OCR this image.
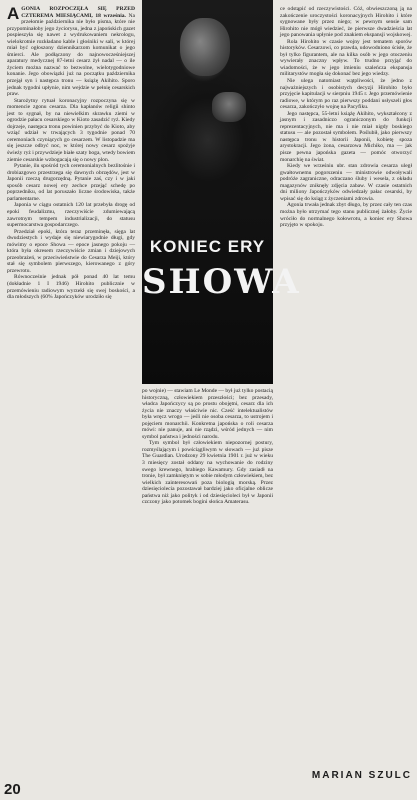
AGONIA ROZPOCZĘŁA SIĘ PRZED CZTEREMA MIESIĄCAMI, 18 września. Na przełomie października nie było pisma, które nie przypominałoby jego życiorysu, jedna z japońskich gazet pospieszyła się nawet z wydrukowaniem nekrologu, wielokrotnie rozkładano kable i głośniki w sali, w której miał być ogłoszony dziennikarzom komunikat o jego śmierci. Ale podłączony do najnowocześniejszej aparatury medycznej 87-letni cesarz żył nadal — o ile życiem można nazwać to bezwolne, wielotygodniowe konanie. Jego obowiązki już na początku października przejął syn i następca tronu — książę Akihito. Sporo jednak tygodni upłynie, nim wejdzie w pełnię cesarskich praw.

Starożytny rytuał koronacyjny rozpoczyna się w momencie zgonu cesarza. Dla kapłanów religii shinto jest to sygnał, by na niewielkim skrawku ziemi w ogrodzie pałacu cesarskiego w Kioto zasadzić ryż. Kiedy dojrzeje, następca tronu powinien przybyć do Kioto, aby wziąć udział w trwających 3 tygodnie ponad 70 ceremoniach czyniących go cesarzem. W listopadzie ma się jeszcze odbyć noc, w której nowy cesarz spożyje świeży ryż i przywdzieje białe szaty boga, wtedy bowiem ziemie cesarskie wzbogacają się o nowy plon.

Pytanie, ilu spośród tych ceremonialnych bezlitośnie i drobiazgowo przestrzega się dawnych obrzędów, jest w Japonii rzeczą drugorzędną. Pytanie zaś, czy i w jaki sposób cesarz nowej ery zechce przejąć schedę po poprzedniku, od lat poruszało liczne środowiska, także parlamentarne.

Japonia w ciągu ostatnich 120 lat przebyła drogę od epoki feudalizmu, rzeczywiście zdumiewającą zawrotnym tempem industrializacji, do statusu supermocarstwa gospodarczego.

Przedział epoki, która teraz przeminęła, sięga lat dwudziestych i wydaje się niewiarygodnie długi, gdy mówimy o epoce Showa — epoce jasnego pokoju — która była okresem rzeczywiście zmian i dziejowych przeobrażeń, w przeciwieństwie do Cesarza Meiji, który stał się symbolem pierwszego, kierowanego z góry przewrotu.

Równocześnie jednak pół ponad 40 lat temu (dokładnie 1 I 1946) Hirohito publicznie w przemówieniu radiowym wyrzekł się swej boskości, a dla młodszych (60% Japończyków urodziło się

KONIEC ERY
SHOWA

po wojnie) — stawiam Le Monde — był już tylko postacią historyczną, człowiekiem przeszłości; bez przesady, władca Japończycy są po prostu obojętni, cesarz dla ich życia nie znaczy właściwie nic. Cześć intelektualistów była wręcz wrogo — jeśli nie osoba cesarza, to ustrojem i pojęciem monarchii. Konkretna japońska o roli cesarza mówi: nie panuje, ani nie rządzi, wśród jednych — nim symbol państwa i jedności narodu.

Tym symbol był człowiekiem niepozornej postury, rozmyślającym i powściągliwym w słowach — już pisze The Guardian. Urodzony 29 kwietnia 1901 r. już w wieku 3 miesięcy został oddany na wychowanie do rodziny swego krewnego, hrabiego Kawamury. Gdy zasiadł na tronie, był zamkniętym w sobie młodym człowiekiem, bez wielkich zainteresowań poza biologią morską. Przez dziesięciolecia pozostawał bardziej jako oficjalne oblicze państwa niż jako polityk i od dziesięcioleci był w Japonii czczony jako potomek bogini słońca Amaterasu.

ce odstąpić od rzeczywistości. Cóż, obwieszczoną ją na zakończenie uroczystości koronacyjnych Hirohito i które sygnowane były przez niego; w pewnym sensie sam Hirohito nie mógł wiedzieć, że pierwsze dwadzieścia lat jego panowania upłynie pod znakiem ekspansji wojskowej.

Rola Hirohito w czasie wojny jest tematem sporów historyków. Cesarzowi, co prawda, udowodniono ścisłe, że był tylko figurantem, ale na kilka osób w jego otoczeniu wywierały znaczny wpływ. To trudno przyjąć do wiadomości, że w jego imieniu szaleńcza ekspansja militarystów mogła się dokonać bez jego wiedzy.

Nie ulega natomiast wątpliwości, że jedno z najważniejszych i osobistych decyzji Hirohito było przyjęcie kapitulacji w sierpniu 1945 r. Jego przemówienie radiowe, w którym po raz pierwszy poddani usłyszeli głos cesarza, zakończyło wojnę na Pacyfiku.

Jego następca, 55-letni książę Akihito, wykształcony z jasnym i zasadniczo ograniczonym do funkcji reprezentacyjnych, nie ma i nie miał nigdy boskiego statusu — ale pozostał symbolem. Poślubił, jako pierwszy następca tronu w historii Japonii, kobietę spoza arystokracji. Jego żona, cesarzowa Michiko, ma — jak pisze pewna japońska gazeta — pomóc otworzyć monarchię na świat.

Kiedy we wrześniu ubr. stan zdrowia cesarza uległ gwałtownemu pogorszeniu — ministrowie odwoływali podróże zagraniczne, odraczano śluby i wesela, z okładu magazynów zniknęły zdjęcia zabaw. W czasie ostatnich dni miliony Japończyków odwiedzały pałac cesarski, by wpisać się do ksiąg z życzeniami zdrowia.

Agonia trwała jednak zbyt długo, by przez cały ten czas można było utrzymać tego stanu publicznej żałoby. Życie wróciło do normalnego kołowrotu, a koniec ery Showa przyjęto w spokoju.

20
MARIAN SZULC
